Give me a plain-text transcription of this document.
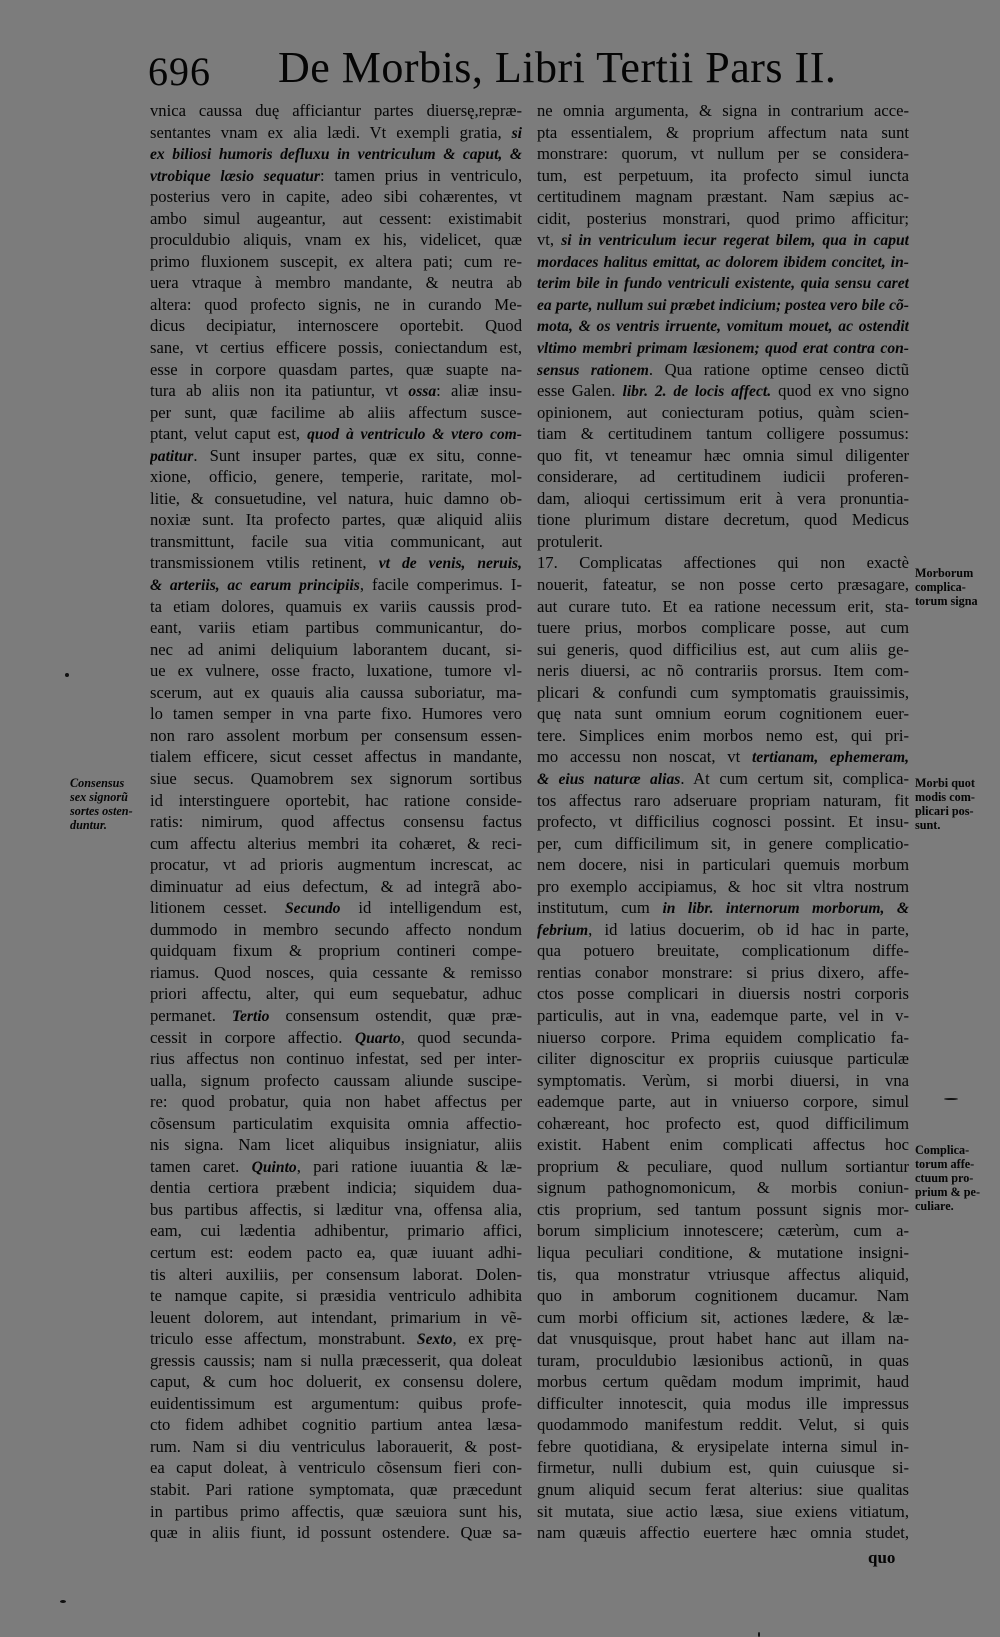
696 De Morbis, Libri Tertii Pars II.
vnica caussa duę afficiantur partes diuersę,repræ-
sentantes vnam ex alia lædi. Vt exempli gratia, si
ex biliosi humoris defluxu in ventriculum & caput, &
vtrobique læsio sequatur: tamen prius in ventriculo,
posterius vero in capite, adeo sibi cohærentes, vt
ambo simul augeantur, aut cessent: existimabit
proculdubio aliquis, vnam ex his, videlicet, quæ
primo fluxionem suscepit, ex altera pati; cum re-
uera vtraque à membro mandante, & neutra ab
altera: quod profecto signis, ne in curando Me-
dicus decipiatur, internoscere oportebit. Quod
sane, vt certius efficere possis, coniectandum est,
esse in corpore quasdam partes, quæ suapte na-
tura ab aliis non ita patiuntur, vt ossa: aliæ insu-
per sunt, quæ facilime ab aliis affectum susce-
ptant, velut caput est, quod à ventriculo & vtero com-
patitur. Sunt insuper partes, quæ ex situ, conne-
xione, officio, genere, temperie, raritate, mol-
litie, & consuetudine, vel natura, huic damno ob-
noxiæ sunt. Ita profecto partes, quæ aliquid aliis
transmittunt, facile sua vitia communicant, aut
transmissionem vtilis retinent, vt de venis, neruis,
& arteriis, ac earum principiis, facile comperimus. I-
ta etiam dolores, quamuis ex variis caussis prod-
eant, variis etiam partibus communicantur, do-
nec ad animi deliquium laborantem ducant, si-
ue ex vulnere, osse fracto, luxatione, tumore vl-
scerum, aut ex quauis alia caussa suboriatur, ma-
lo tamen semper in vna parte fixo. Humores vero
non raro assolent morbum per consensum essen-
tialem efficere, sicut cesset affectus in mandante,
siue secus. Quamobrem sex signorum sortibus
id interstinguere oportebit, hac ratione conside-
ratis: nimirum, quod affectus consensu factus
cum affectu alterius membri ita cohæret, & reci-
procatur, vt ad prioris augmentum increscat, ac
diminuatur ad eius defectum, & ad integrã abo-
litionem cesset. Secundo id intelligendum est,
dummodo in membro secundo affecto nondum
quidquam fixum & proprium contineri compe-
riamus. Quod nosces, quia cessante & remisso
priori affectu, alter, qui eum sequebatur, adhuc
permanet. Tertio consensum ostendit, quæ præ-
cessit in corpore affectio. Quarto, quod secunda-
rius affectus non continuo infestat, sed per inter-
ualla, signum profecto caussam aliunde suscipe-
re: quod probatur, quia non habet affectus per
cõsensum particulatim exquisita omnia affectio-
nis signa. Nam licet aliquibus insigniatur, aliis
tamen caret. Quinto, pari ratione iuuantia & læ-
dentia certiora præbent indicia; siquidem dua-
bus partibus affectis, si læditur vna, offensa alia,
eam, cui lædentia adhibentur, primario affici,
certum est: eodem pacto ea, quæ iuuant adhi-
tis alteri auxiliis, per consensum laborat. Dolen-
te namque capite, si præsidia ventriculo adhibita
leuent dolorem, aut intendant, primarium in vẽ-
triculo esse affectum, monstrabunt. Sexto, ex prę-
gressis caussis; nam si nulla præcesserit, qua doleat
caput, & cum hoc doluerit, ex consensu dolere,
euidentissimum est argumentum: quibus profe-
cto fidem adhibet cognitio partium antea læsa-
rum. Nam si diu ventriculus laborauerit, & post-
ea caput doleat, à ventriculo cõsensum fieri con-
stabit. Pari ratione symptomata, quæ præcedunt
in partibus primo affectis, quæ sæuiora sunt his,
quæ in aliis fiunt, id possunt ostendere. Quæ sa-
ne omnia argumenta, & signa in contrarium acce-
pta essentialem, & proprium affectum nata sunt
monstrare: quorum, vt nullum per se considera-
tum, est perpetuum, ita profecto simul iuncta
certitudinem magnam præstant. Nam sæpius ac-
cidit, posterius monstrari, quod primo afficitur;
vt, si in ventriculum iecur regerat bilem, qua in caput
mordaces halitus emittat, ac dolorem ibidem concitet, in-
terim bile in fundo ventriculi existente, quia sensu caret
ea parte, nullum sui præbet indicium; postea vero bile cõ-
mota, & os ventris irruente, vomitum mouet, ac ostendit
vltimo membri primam læsionem; quod erat contra con-
sensus rationem. Qua ratione optime censeo dictũ
esse Galen. libr. 2. de locis affect. quod ex vno signo
opinionem, aut coniecturam potius, quàm scien-
tiam & certitudinem tantum colligere possumus:
quo fit, vt teneamur hæc omnia simul diligenter
considerare, ad certitudinem iudicii proferen-
dam, alioqui certissimum erit à vera pronuntia-
tione plurimum distare decretum, quod Medicus
protulerit.
17. Complicatas affectiones qui non exactè
nouerit, fateatur, se non posse certo præsagare,
aut curare tuto. Et ea ratione necessum erit, sta-
tuere prius, morbos complicare posse, aut cum
sui generis, quod difficilius est, aut cum aliis ge-
neris diuersi, ac nõ contrariis prorsus. Item com-
plicari & confundi cum symptomatis grauissimis,
quę nata sunt omnium eorum cognitionem euer-
tere. Simplices enim morbos nemo est, qui pri-
mo accessu non noscat, vt tertianam, ephemeram,
& eius naturæ alias. At cum certum sit, complica-
tos affectus raro adseruare propriam naturam, fit
profecto, vt difficilius cognosci possint. Et insu-
per, cum difficilimum sit, in genere complicatio-
nem docere, nisi in particulari quemuis morbum
pro exemplo accipiamus, & hoc sit vltra nostrum
institutum, cum in libr. internorum morborum, &
febrium, id latius docuerim, ob id hac in parte,
qua potuero breuitate, complicationum diffe-
rentias conabor monstrare: si prius dixero, affe-
ctos posse complicari in diuersis nostri corporis
particulis, aut in vna, eademque parte, vel in v-
niuerso corpore. Prima equidem complicatio fa-
ciliter dignoscitur ex propriis cuiusque particulæ
symptomatis. Verùm, si morbi diuersi, in vna
eademque parte, aut in vniuerso corpore, simul
cohæreant, hoc profecto est, quod difficilimum
existit. Habent enim complicati affectus hoc
proprium & peculiare, quod nullum sortiantur
signum pathognomonicum, & morbis coniun-
ctis proprium, sed tantum possunt signis mor-
borum simplicium innotescere; cæterùm, cum a-
liqua peculiari conditione, & mutatione insigni-
tis, qua monstratur vtriusque affectus aliquid,
quo in amborum cognitionem ducamur. Nam
cum morbi officium sit, actiones lædere, & læ-
dat vnusquisque, prout habet hanc aut illam na-
turam, proculdubio læsionibus actionũ, in quas
morbus certum quẽdam modum imprimit, haud
difficulter innotescit, quia modus ille impressus
quodammodo manifestum reddit. Velut, si quis
febre quotidiana, & erysipelate interna simul in-
firmetur, nulli dubium est, quin cuiusque si-
gnum aliquid secum ferat alterius: siue qualitas
sit mutata, siue actio læsa, siue exiens vitiatum,
nam quæuis affectio euertere hæc omnia studet,
Consensus
sex signorũ
sortes osten-
duntur.
Morborum
complica-
torum signa
Morbi quot
modis com-
plicari pos-
sunt.
Complica-
torum affe-
ctuum pro-
prium & pe-
culiare.
quo
